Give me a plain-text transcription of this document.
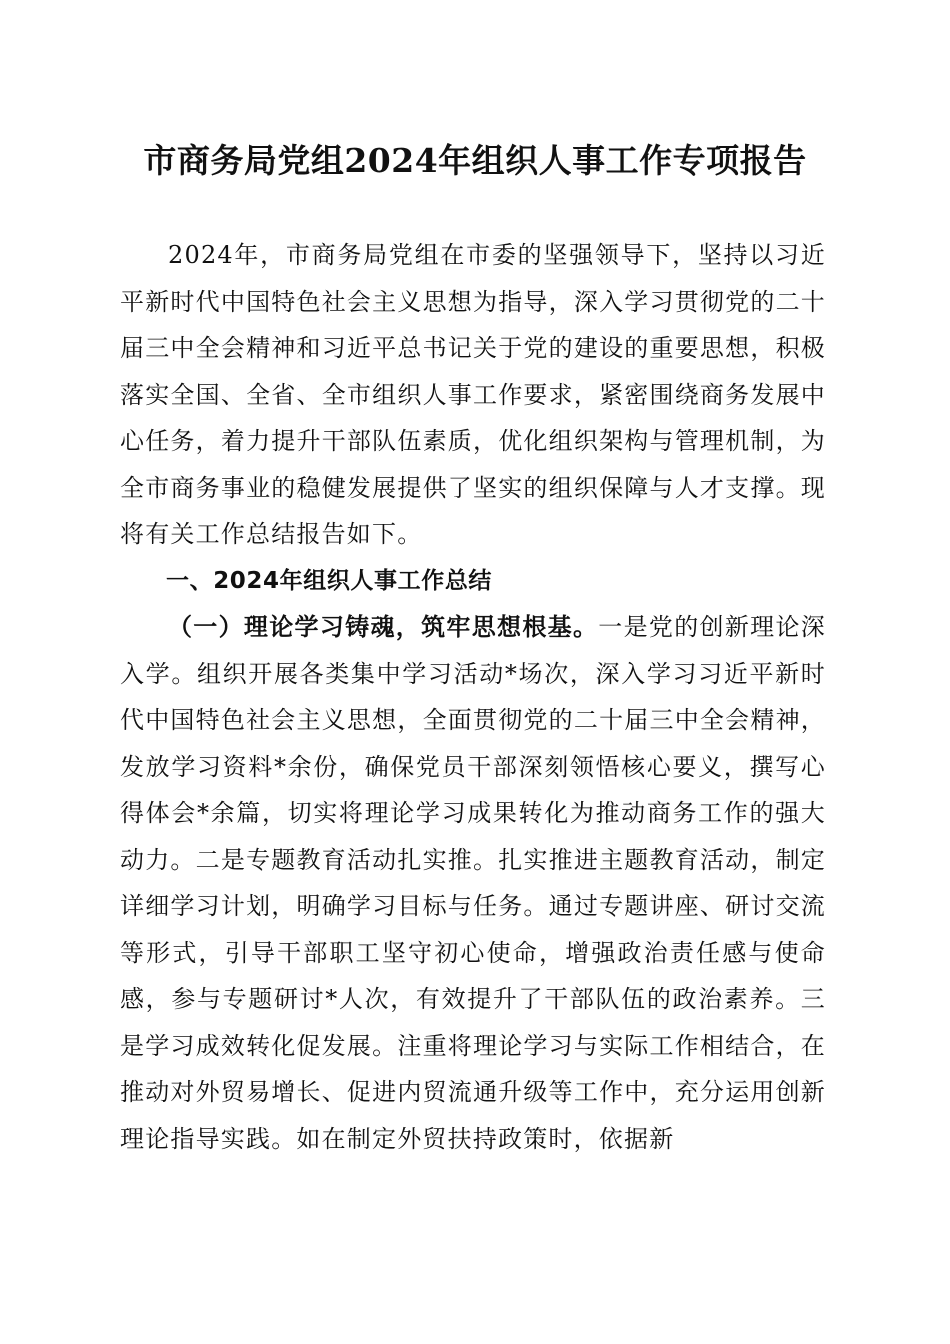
市商务局党组2024年组织人事工作专项报告

2024年，市商务局党组在市委的坚强领导下，坚持以习近平新时代中国特色社会主义思想为指导，深入学习贯彻党的二十届三中全会精神和习近平总书记关于党的建设的重要思想，积极落实全国、全省、全市组织人事工作要求，紧密围绕商务发展中心任务，着力提升干部队伍素质，优化组织架构与管理机制，为全市商务事业的稳健发展提供了坚实的组织保障与人才支撑。现将有关工作总结报告如下。

一、2024年组织人事工作总结

（一）理论学习铸魂，筑牢思想根基。一是党的创新理论深入学。组织开展各类集中学习活动*场次，深入学习习近平新时代中国特色社会主义思想，全面贯彻党的二十届三中全会精神，发放学习资料*余份，确保党员干部深刻领悟核心要义，撰写心得体会*余篇，切实将理论学习成果转化为推动商务工作的强大动力。二是专题教育活动扎实推。扎实推进主题教育活动，制定详细学习计划，明确学习目标与任务。通过专题讲座、研讨交流等形式，引导干部职工坚守初心使命，增强政治责任感与使命感，参与专题研讨*人次，有效提升了干部队伍的政治素养。三是学习成效转化促发展。注重将理论学习与实际工作相结合，在推动对外贸易增长、促进内贸流通升级等工作中，充分运用创新理论指导实践。如在制定外贸扶持政策时，依据新
